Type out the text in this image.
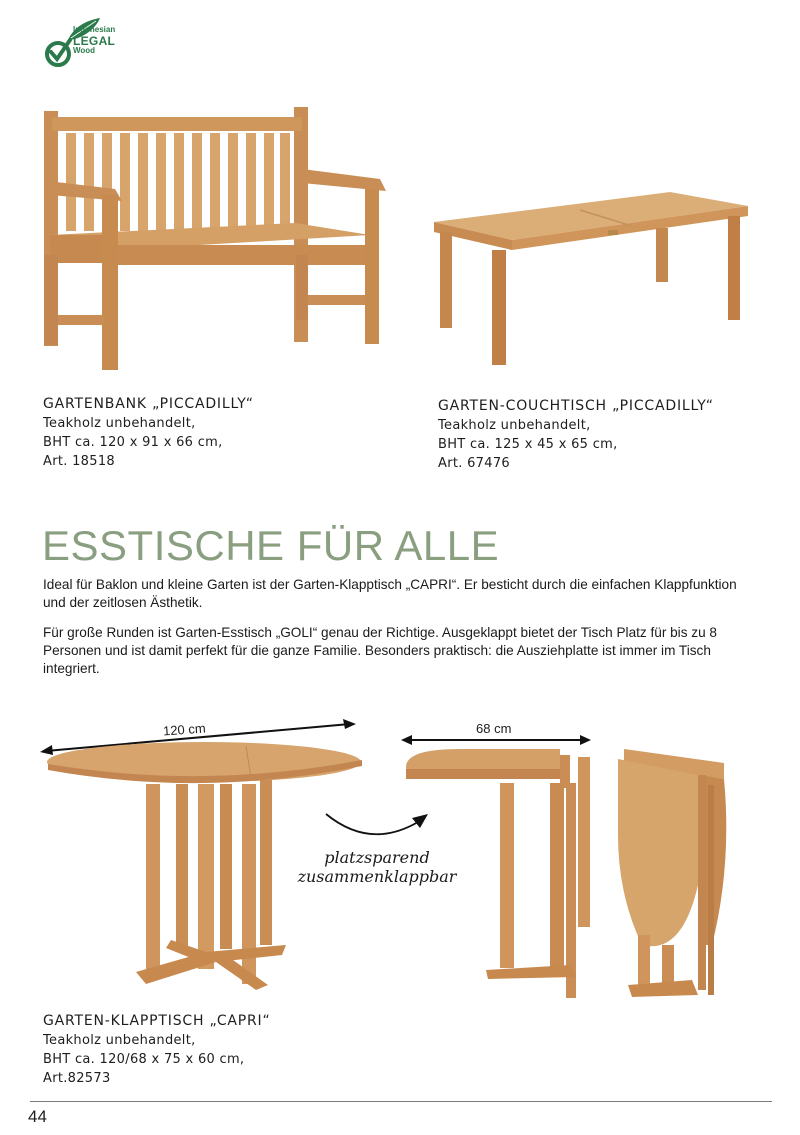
Indonesian
LEGAL
Wood
GARTENBANK „PICCADILLY“
Teakholz unbehandelt,
BHT ca. 120 x 91 x 66 cm,
Art. 18518
GARTEN-COUCHTISCH „PICCADILLY“
Teakholz unbehandelt,
BHT ca. 125 x 45 x 65 cm,
Art. 67476
ESSTISCHE FÜR ALLE
Ideal für Baklon und kleine Garten ist der Garten-Klapptisch „CAPRI“. Er besticht durch die einfachen Klappfunktion und der zeitlosen Ästhetik.
Für große Runden ist Garten-Esstisch „GOLI“ genau der Richtige. Ausgeklappt bietet der Tisch Platz für bis zu 8 Personen und ist damit perfekt für die ganze Familie. Besonders praktisch: die Ausziehplatte ist immer im Tisch integriert.
120 cm	68 cm
platzsparend
zusammenklappbar
GARTEN-KLAPPTISCH „CAPRI“
Teakholz unbehandelt,
BHT ca. 120/68 x 75 x 60 cm,
Art.82573
44
